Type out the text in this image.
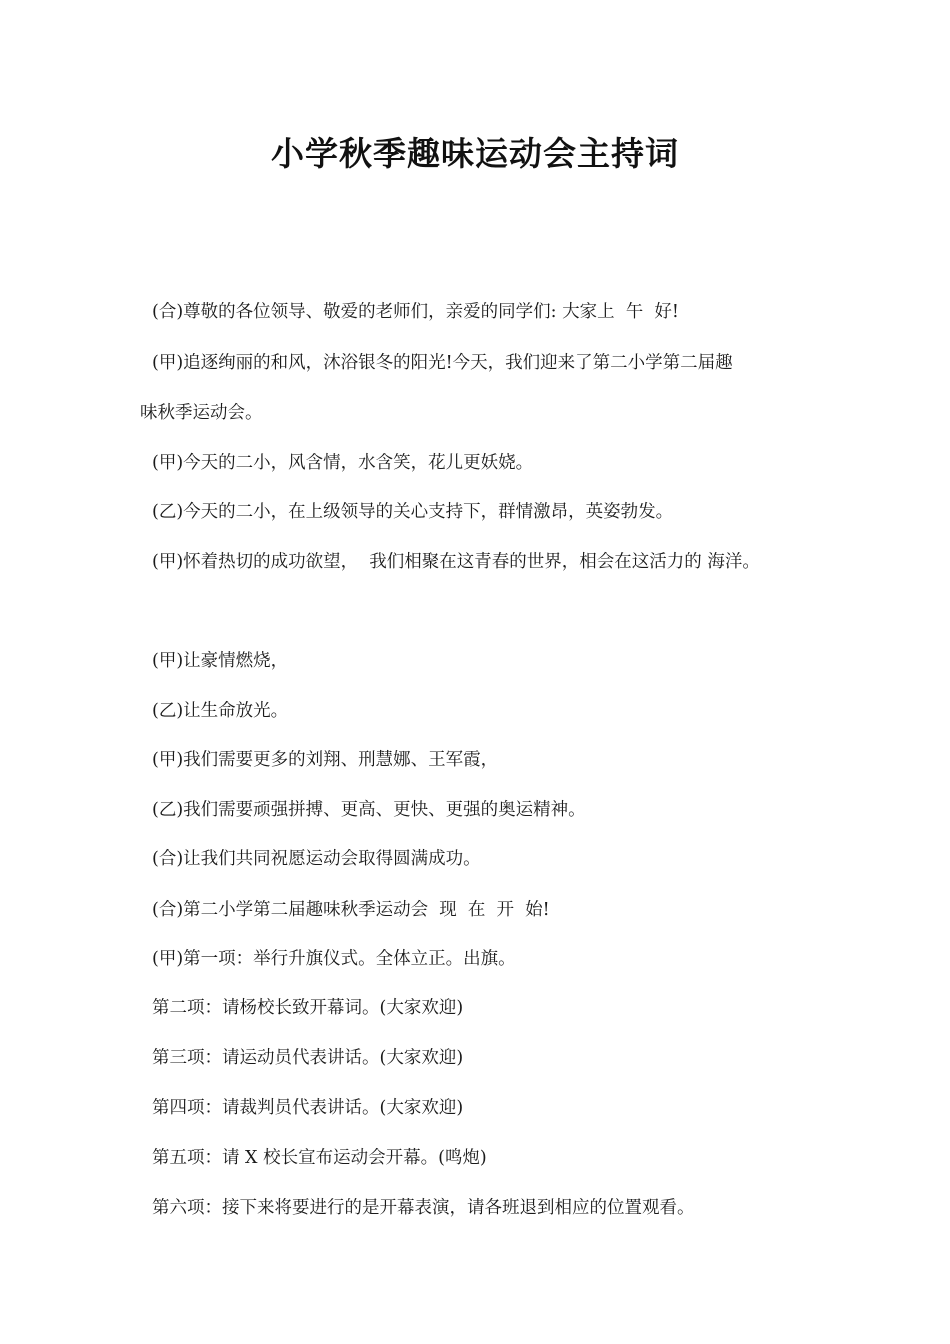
小学秋季趣味运动会主持词
(合)尊敬的各位领导、敬爱的老师们，亲爱的同学们: 大家上  午  好!
(甲)追逐绚丽的和风，沐浴银冬的阳光!今天，我们迎来了第二小学第二届趣
味秋季运动会。
(甲)今天的二小，风含情，水含笑，花儿更妖娆。
(乙)今天的二小，在上级领导的关心支持下，群情激昂，英姿勃发。
(甲)怀着热切的成功欲望，  我们相聚在这青春的世界，相会在这活力的 海洋。
(甲)让豪情燃烧，
(乙)让生命放光。
(甲)我们需要更多的刘翔、刑慧娜、王军霞，
(乙)我们需要顽强拼搏、更高、更快、更强的奥运精神。
(合)让我们共同祝愿运动会取得圆满成功。
(合)第二小学第二届趣味秋季运动会  现  在  开  始!
(甲)第一项：举行升旗仪式。全体立正。出旗。
第二项：请杨校长致开幕词。(大家欢迎)
第三项：请运动员代表讲话。(大家欢迎)
第四项：请裁判员代表讲话。(大家欢迎)
第五项：请 X 校长宣布运动会开幕。(鸣炮)
第六项：接下来将要进行的是开幕表演，请各班退到相应的位置观看。
